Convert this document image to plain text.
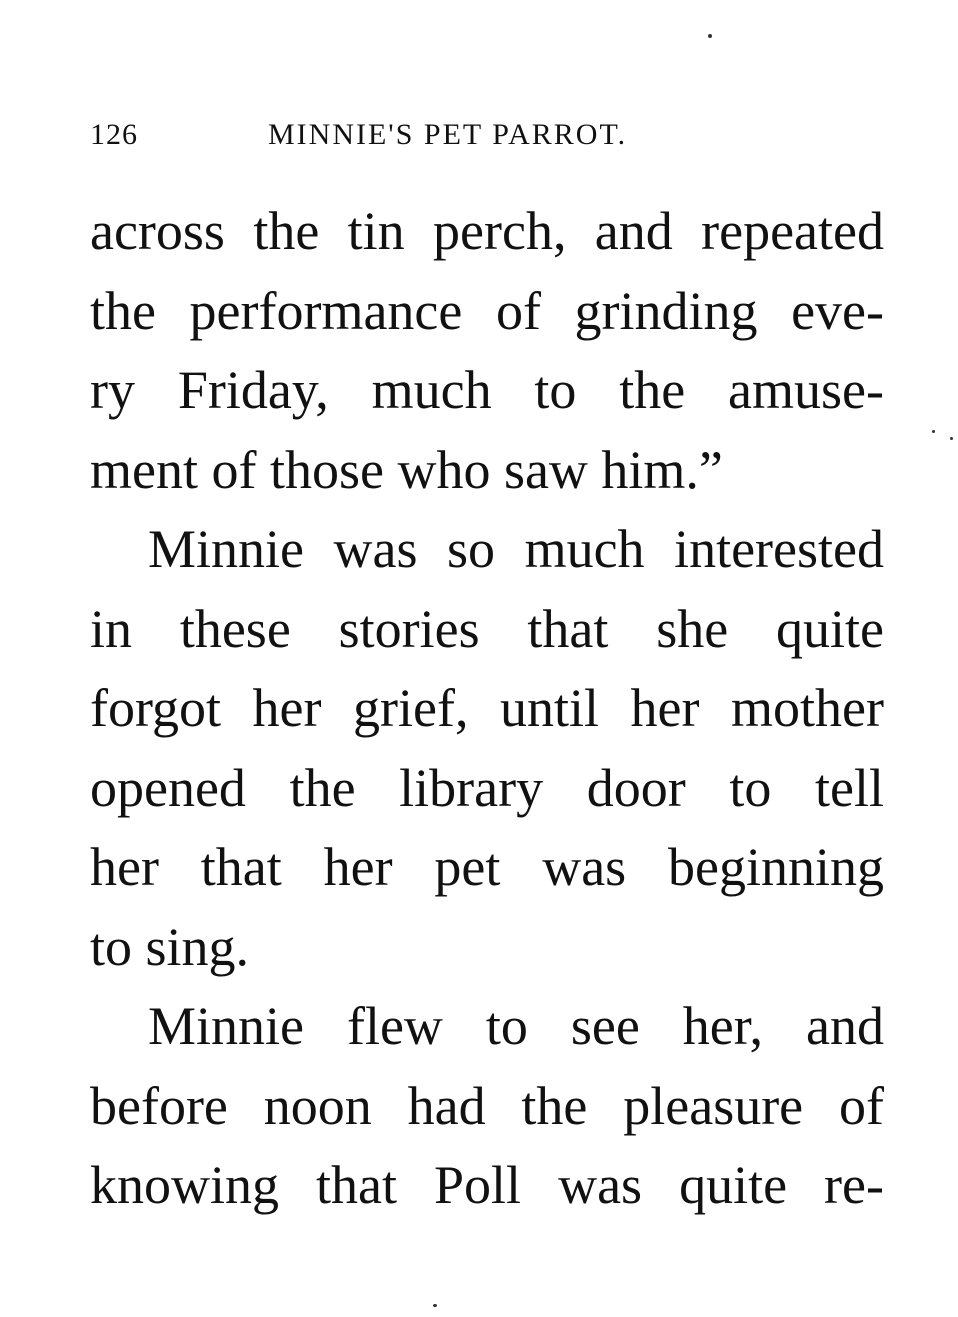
126	MINNIE'S PET PARROT.
across the tin perch, and repeated
the performance of grinding eve-
ry Friday, much to the amuse-
ment of those who saw him.”
Minnie was so much interested
in these stories that she quite
forgot her grief, until her mother
opened the library door to tell
her that her pet was beginning
to sing.
Minnie flew to see her, and
before noon had the pleasure of
knowing that Poll was quite re-
